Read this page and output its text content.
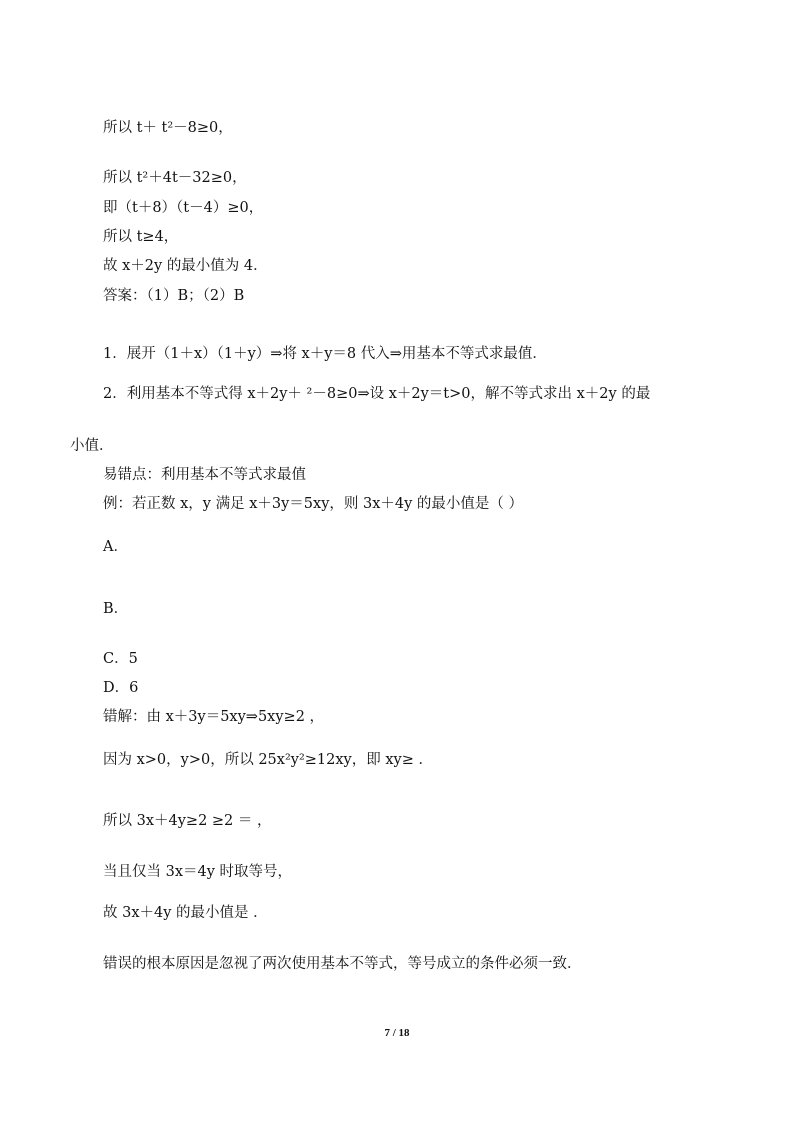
所以 t＋ t²－8≥0，
所以 t²＋4t－32≥0，
即（t＋8）（t－4）≥0，
所以 t≥4，
故 x＋2y 的最小值为 4．
答案：（1）B；（2）B
1．展开（1＋x）（1＋y）⇒将 x＋y＝8 代入⇒用基本不等式求最值．
2．利用基本不等式得 x＋2y＋ ²－8≥0⇒设 x＋2y＝t>0，解不等式求出 x＋2y 的最
小值．
易错点：利用基本不等式求最值
例：若正数 x，y 满足 x＋3y＝5xy，则 3x＋4y 的最小值是（ ）
A．
B．
C．5
D．6
错解：由 x＋3y＝5xy⇒5xy≥2 ，
因为 x>0，y>0，所以 25x²y²≥12xy，即 xy≥ ．
所以 3x＋4y≥2 ≥2 ＝ ，
当且仅当 3x＝4y 时取等号，
故 3x＋4y 的最小值是 ．
错误的根本原因是忽视了两次使用基本不等式，等号成立的条件必须一致．
7 / 18
